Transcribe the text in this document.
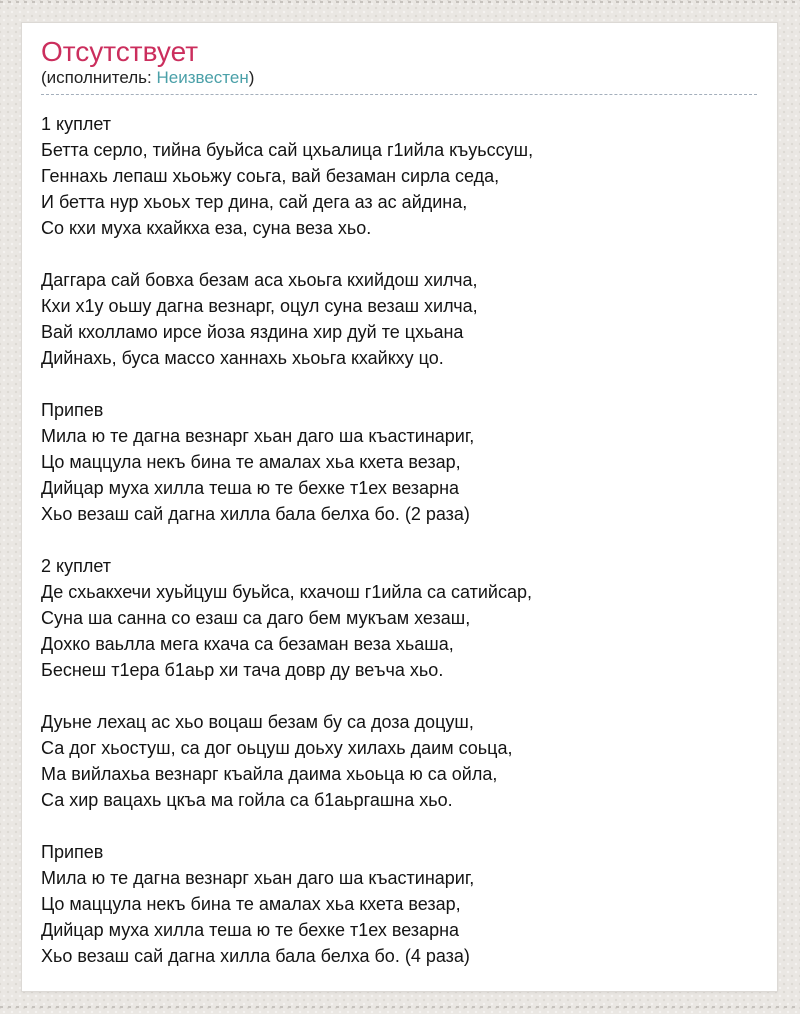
Отсутствует
(исполнитель: Неизвестен)
1 куплет
Бетта серло, тийна буьйса сай цхьалица г1ийла къуьссуш,
Геннахь лепаш хьоьжу соьга, вай безаман сирла седа,
И бетта нур хьоьх тер дина, сай дега аз ас айдина,
Со кхи муха кхайкха еза, суна веза хьо.
Даггара сай бовха безам аса хьоьга кхийдош хилча,
Кхи х1у оьшу дагна везнарг, оцул суна везаш хилча,
Вай кхолламо ирсе йоза яздина хир дуй те цхьана
Дийнахь, буса массо ханнахь хьоьга кхайкху цо.
Припев
Мила ю те дагна везнарг хьан даго ша къастинариг,
Цо маццула некъ бина те амалах хьа кхета везар,
Дийцар муха хилла теша ю те бехке т1ех везарна
Хьо везаш сай дагна хилла бала белха бо. (2 раза)
2 куплет
Де схьакхечи хуьйцуш буьйса, кхачош г1ийла са сатийсар,
Суна ша санна со езаш са даго бем мукъам хезаш,
Дохко ваьлла мега кхача са безаман веза хьаша,
Беснеш т1ера б1аьр хи тача довр ду веъча хьо.
Дуьне лехац ас хьо воцаш безам бу са доза доцуш,
Са дог хьостуш, са дог оьцуш доьху хилахь даим соьца,
Ма вийлахьа везнарг къайла даима хьоьца ю са ойла,
Са хир вацахь цкъа ма гойла са б1аьргашна хьо.
Припев
Мила ю те дагна везнарг хьан даго ша къастинариг,
Цо маццула некъ бина те амалах хьа кхета везар,
Дийцар муха хилла теша ю те бехке т1ех везарна
Хьо везаш сай дагна хилла бала белха бо. (4 раза)
